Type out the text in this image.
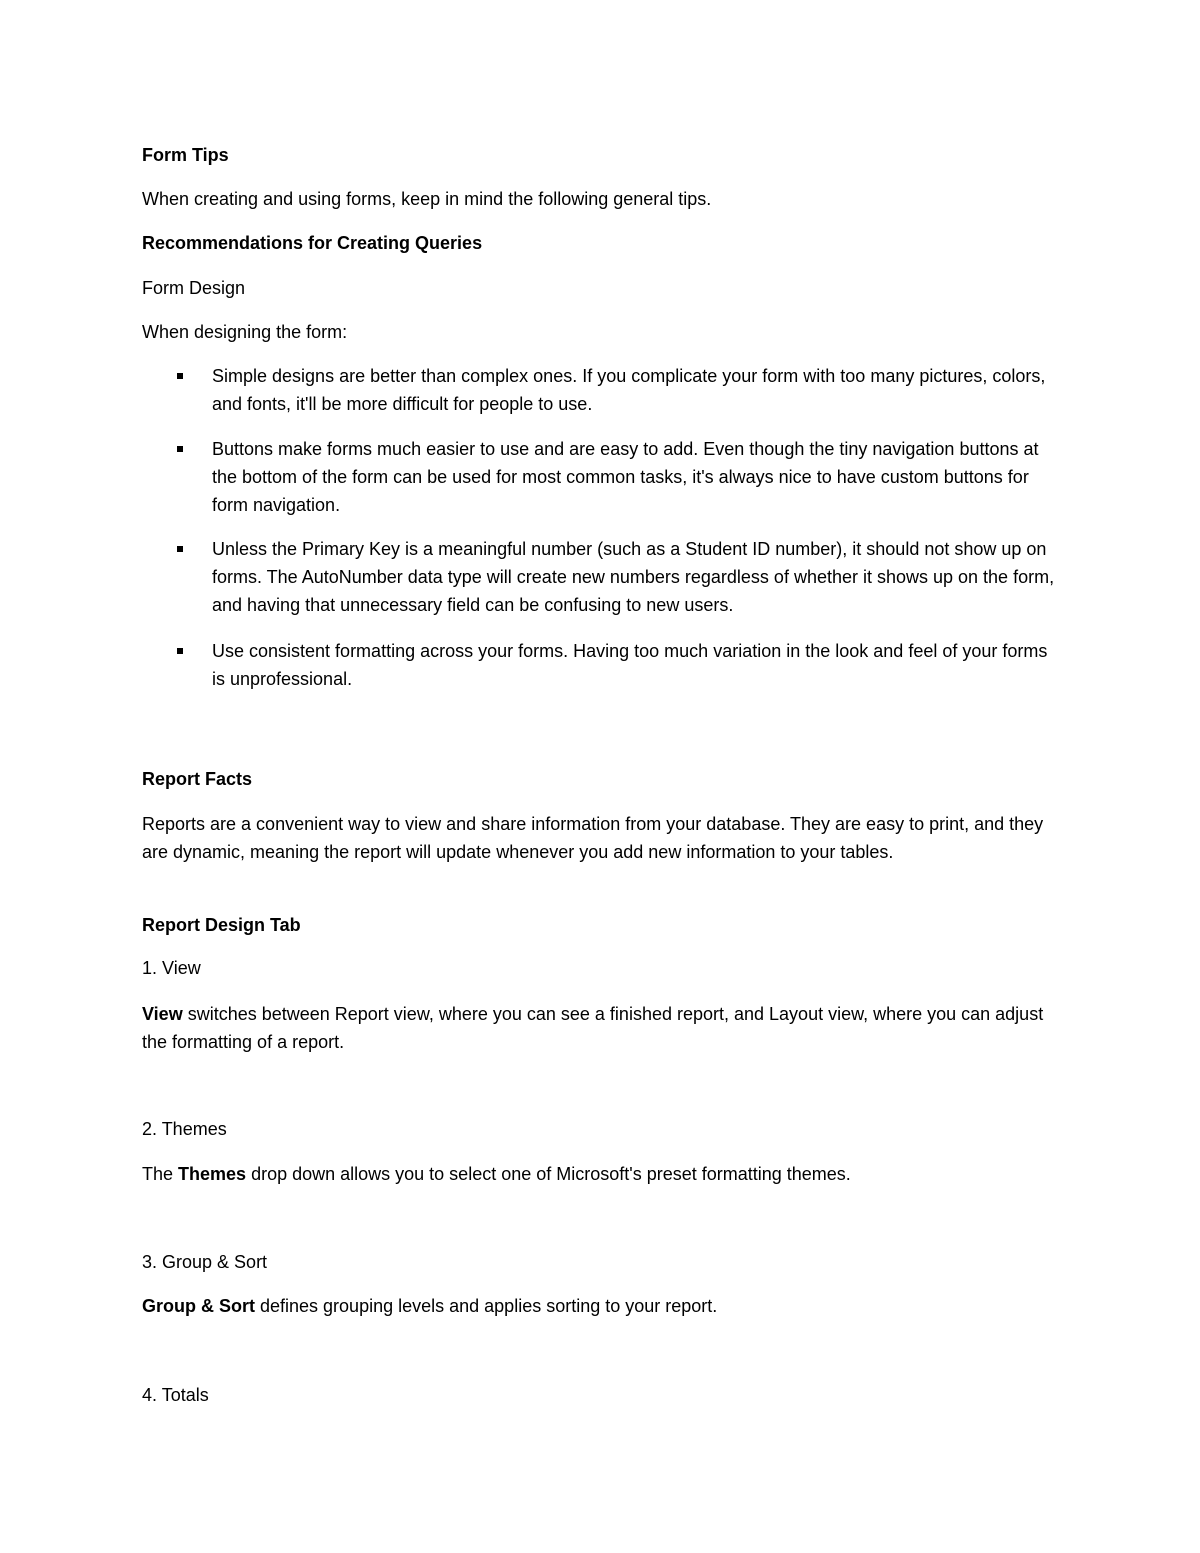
Form Tips

When creating and using forms, keep in mind the following general tips.

Recommendations for Creating Queries

Form Design

When designing the form:

Simple designs are better than complex ones. If you complicate your form with too many pictures, colors, and fonts, it'll be more difficult for people to use.
Buttons make forms much easier to use and are easy to add. Even though the tiny navigation buttons at the bottom of the form can be used for most common tasks, it's always nice to have custom buttons for form navigation.
Unless the Primary Key is a meaningful number (such as a Student ID number), it should not show up on forms. The AutoNumber data type will create new numbers regardless of whether it shows up on the form, and having that unnecessary field can be confusing to new users.
Use consistent formatting across your forms. Having too much variation in the look and feel of your forms is unprofessional.

Report Facts

Reports are a convenient way to view and share information from your database. They are easy to print, and they are dynamic, meaning the report will update whenever you add new information to your tables.

Report Design Tab

1. View

View switches between Report view, where you can see a finished report, and Layout view, where you can adjust the formatting of a report.

2. Themes

The Themes drop down allows you to select one of Microsoft's preset formatting themes.

3. Group & Sort

Group & Sort defines grouping levels and applies sorting to your report.

4. Totals
